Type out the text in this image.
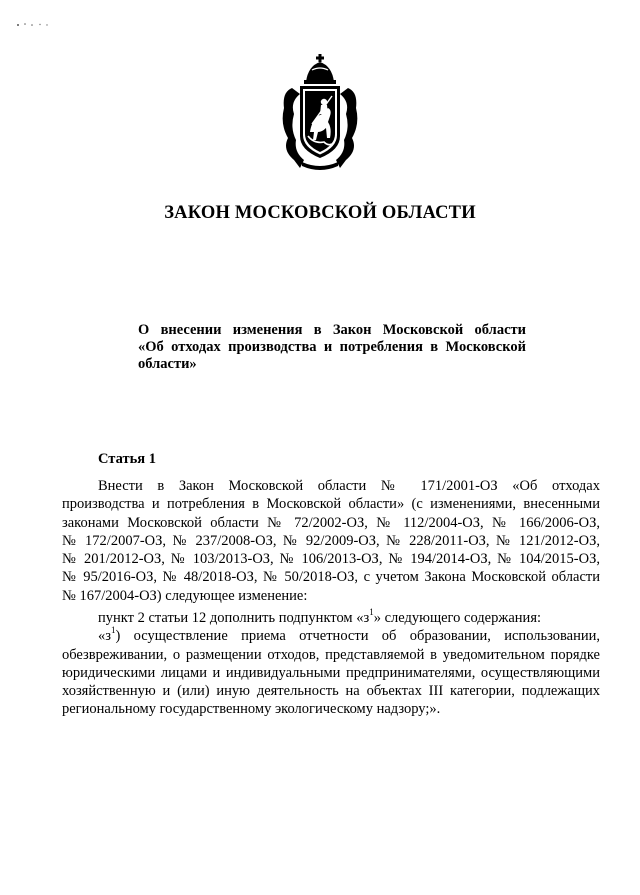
ЗАКОН МОСКОВСКОЙ ОБЛАСТИ
О внесении изменения в Закон Московской области
«Об отходах производства и потребления в Московской
области»
Статья 1
Внести в Закон Московской области № 171/2001-ОЗ «Об отходах
производства и потребления в Московской области» (с изменениями, внесенными
законами Московской области № 72/2002-ОЗ, № 112/2004-ОЗ, № 166/2006-ОЗ,
№ 172/2007-ОЗ, № 237/2008-ОЗ, № 92/2009-ОЗ, № 228/2011-ОЗ, № 121/2012-ОЗ,
№ 201/2012-ОЗ, № 103/2013-ОЗ, № 106/2013-ОЗ, № 194/2014-ОЗ, № 104/2015-ОЗ,
№ 95/2016-ОЗ, № 48/2018-ОЗ, № 50/2018-ОЗ, с учетом Закона Московской области
№ 167/2004-ОЗ) следующее изменение:
пункт 2 статьи 12 дополнить подпунктом «$з^1$» следующего содержания:
«$з^1$) осуществление приема отчетности об образовании, использовании,
обезвреживании, о размещении отходов, представляемой в уведомительном порядке
юридическими лицами и индивидуальными предпринимателями, осуществляющими
хозяйственную и (или) иную деятельность на объектах III категории, подлежащих
региональному государственному экологическому надзору;».
